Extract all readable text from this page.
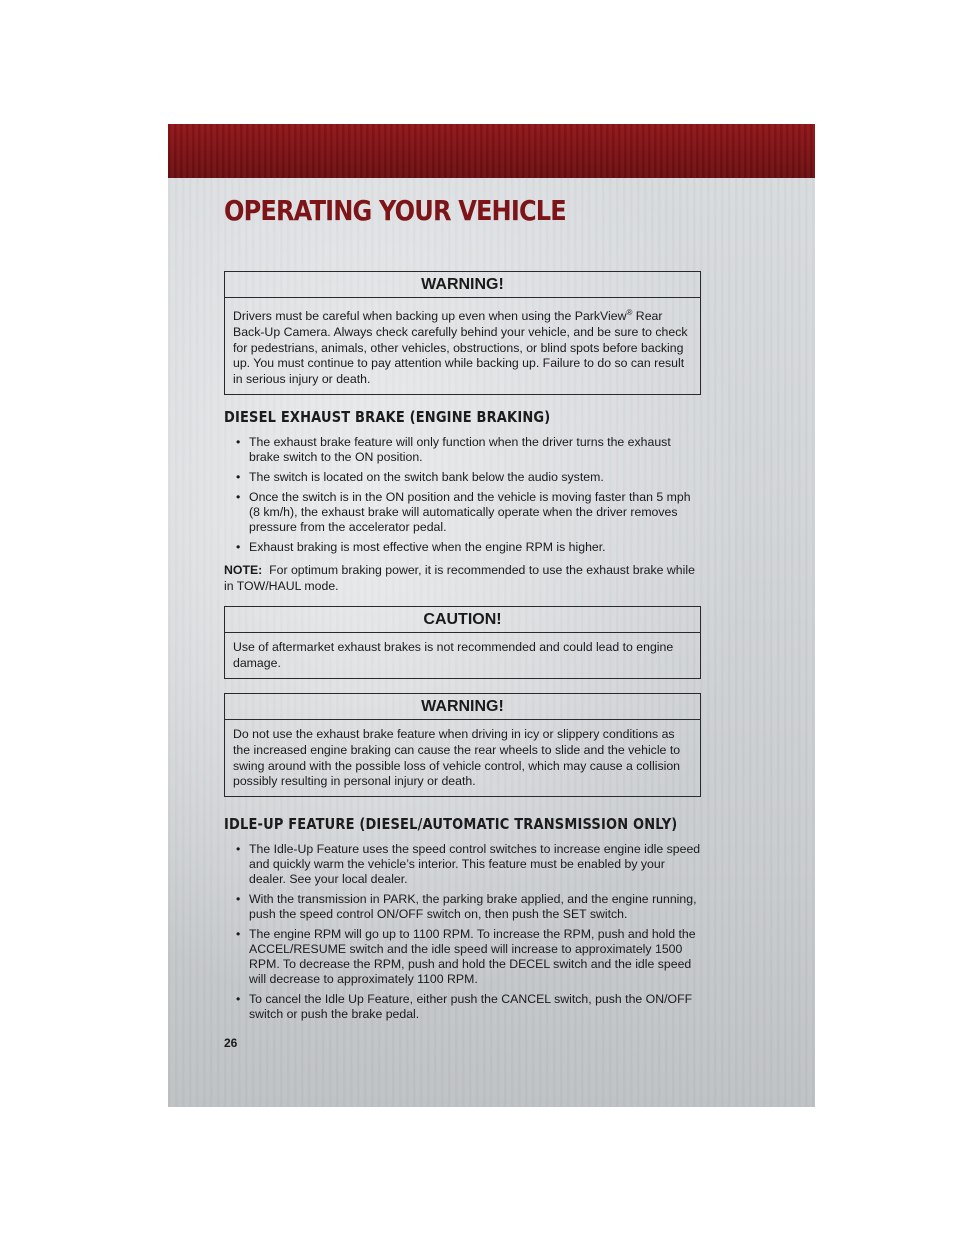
OPERATING YOUR VEHICLE
WARNING!
Drivers must be careful when backing up even when using the ParkView® Rear Back-Up Camera. Always check carefully behind your vehicle, and be sure to check for pedestrians, animals, other vehicles, obstructions, or blind spots before backing up. You must continue to pay attention while backing up. Failure to do so can result in serious injury or death.
DIESEL EXHAUST BRAKE (ENGINE BRAKING)
• The exhaust brake feature will only function when the driver turns the exhaust brake switch to the ON position.
• The switch is located on the switch bank below the audio system.
• Once the switch is in the ON position and the vehicle is moving faster than 5 mph (8 km/h), the exhaust brake will automatically operate when the driver removes pressure from the accelerator pedal.
• Exhaust braking is most effective when the engine RPM is higher.
NOTE: For optimum braking power, it is recommended to use the exhaust brake while in TOW/HAUL mode.
CAUTION!
Use of aftermarket exhaust brakes is not recommended and could lead to engine damage.
WARNING!
Do not use the exhaust brake feature when driving in icy or slippery conditions as the increased engine braking can cause the rear wheels to slide and the vehicle to swing around with the possible loss of vehicle control, which may cause a collision possibly resulting in personal injury or death.
IDLE-UP FEATURE (DIESEL/AUTOMATIC TRANSMISSION ONLY)
• The Idle-Up Feature uses the speed control switches to increase engine idle speed and quickly warm the vehicle’s interior. This feature must be enabled by your dealer. See your local dealer.
• With the transmission in PARK, the parking brake applied, and the engine running, push the speed control ON/OFF switch on, then push the SET switch.
• The engine RPM will go up to 1100 RPM. To increase the RPM, push and hold the ACCEL/RESUME switch and the idle speed will increase to approximately 1500 RPM. To decrease the RPM, push and hold the DECEL switch and the idle speed will decrease to approximately 1100 RPM.
• To cancel the Idle Up Feature, either push the CANCEL switch, push the ON/OFF switch or push the brake pedal.
26
